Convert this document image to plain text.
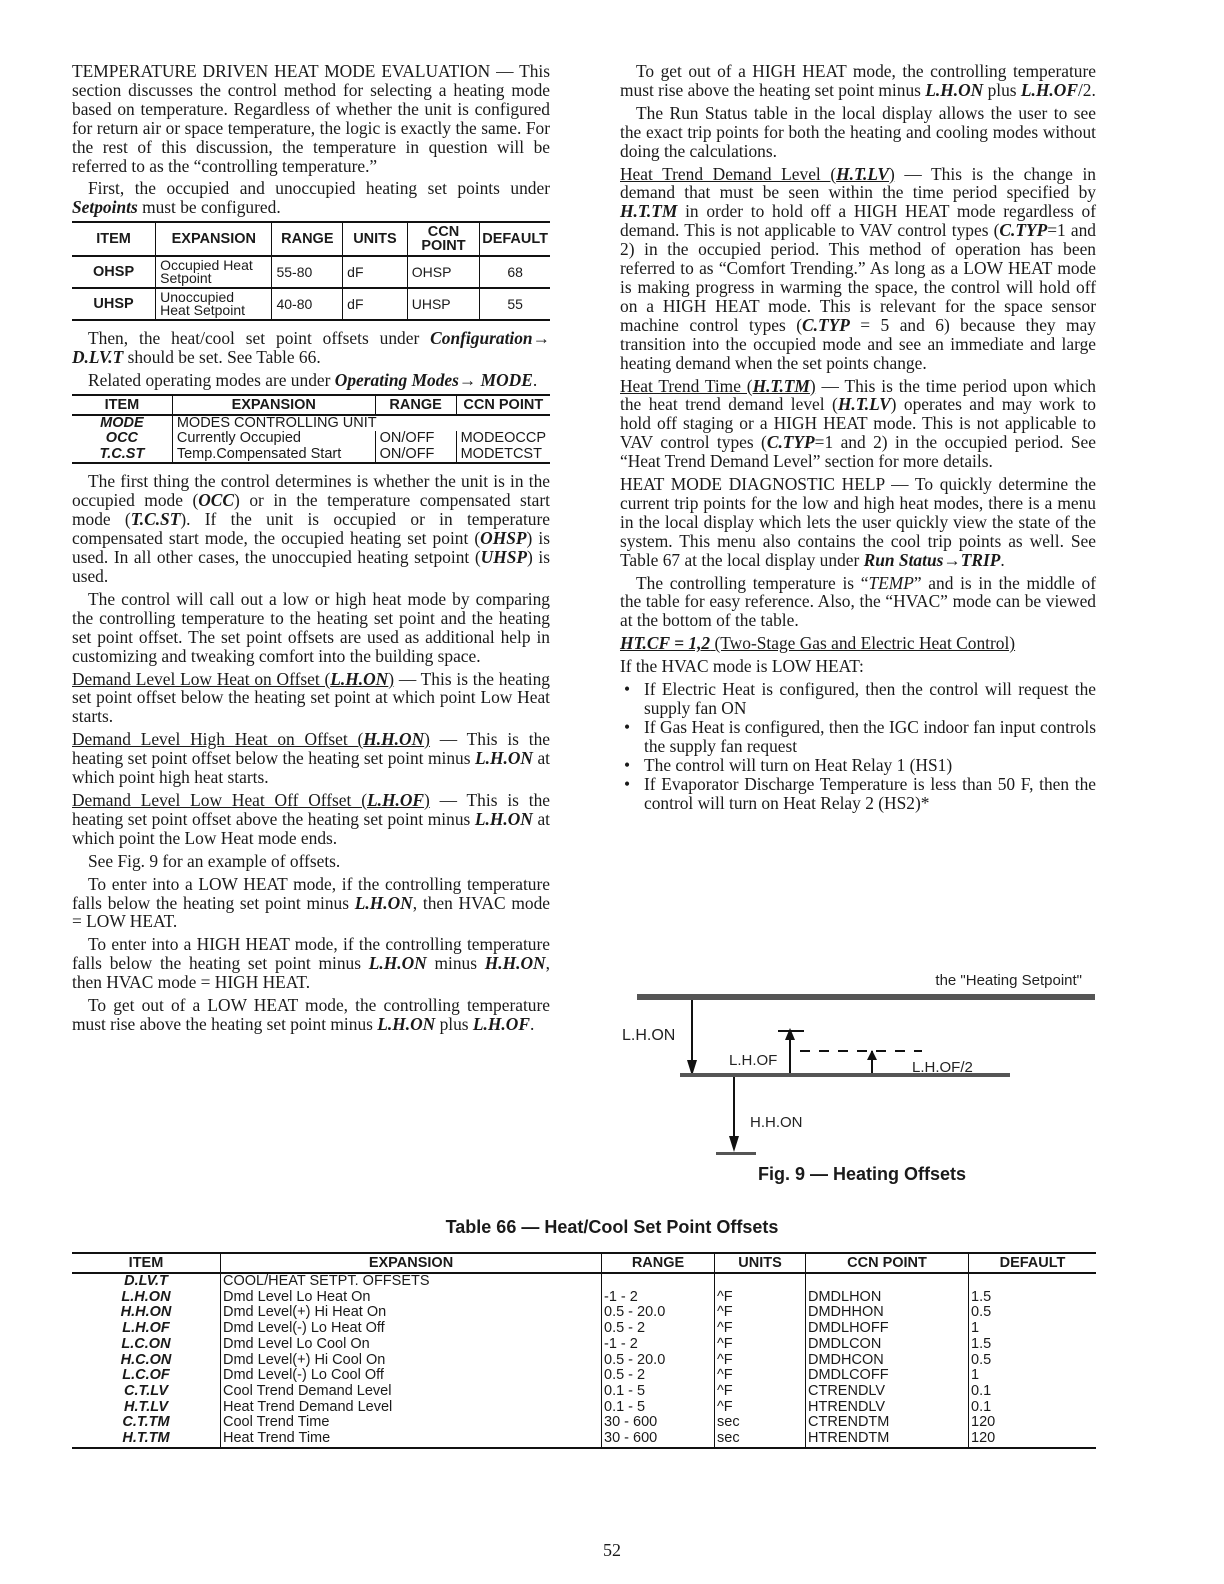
TEMPERATURE DRIVEN HEAT MODE EVALUATION — This section discusses the control method for selecting a heating mode based on temperature. Regardless of whether the unit is configured for return air or space temperature, the logic is exactly the same. For the rest of this discussion, the temperature in question will be referred to as the “controlling temperature.”

First, the occupied and unoccupied heating set points under Setpoints must be configured.

ITEM	EXPANSION	RANGE	UNITS	CCN POINT	DEFAULT
OHSP	Occupied Heat Setpoint	55-80	dF	OHSP	68
UHSP	Unoccupied Heat Setpoint	40-80	dF	UHSP	55

Then, the heat/cool set point offsets under Configuration→ D.LV.T should be set. See Table 66.

Related operating modes are under Operating Modes→ MODE.

ITEM	EXPANSION	RANGE	CCN POINT
MODE	MODES CONTROLLING UNIT		
OCC	Currently Occupied	ON/OFF	MODEOCCP
T.C.ST	Temp.Compensated Start	ON/OFF	MODETCST

The first thing the control determines is whether the unit is in the occupied mode (OCC) or in the temperature compensated start mode (T.C.ST). If the unit is occupied or in temperature compensated start mode, the occupied heating set point (OHSP) is used. In all other cases, the unoccupied heating setpoint (UHSP) is used.

The control will call out a low or high heat mode by comparing the controlling temperature to the heating set point and the heating set point offset. The set point offsets are used as additional help in customizing and tweaking comfort into the building space.

Demand Level Low Heat on Offset (L.H.ON) — This is the heating set point offset below the heating set point at which point Low Heat starts.

Demand Level High Heat on Offset (H.H.ON) — This is the heating set point offset below the heating set point minus L.H.ON at which point high heat starts.

Demand Level Low Heat Off Offset (L.H.OF) — This is the heating set point offset above the heating set point minus L.H.ON at which point the Low Heat mode ends.

See Fig. 9 for an example of offsets.

To enter into a LOW HEAT mode, if the controlling temperature falls below the heating set point minus L.H.ON, then HVAC mode = LOW HEAT.

To enter into a HIGH HEAT mode, if the controlling temperature falls below the heating set point minus L.H.ON minus H.H.ON, then HVAC mode = HIGH HEAT.

To get out of a LOW HEAT mode, the controlling temperature must rise above the heating set point minus L.H.ON plus L.H.OF.

To get out of a HIGH HEAT mode, the controlling temperature must rise above the heating set point minus L.H.ON plus L.H.OF/2.

The Run Status table in the local display allows the user to see the exact trip points for both the heating and cooling modes without doing the calculations.

Heat Trend Demand Level (H.T.LV) — This is the change in demand that must be seen within the time period specified by H.T.TM in order to hold off a HIGH HEAT mode regardless of demand. This is not applicable to VAV control types (C.TYP=1 and 2) in the occupied period. This method of operation has been referred to as “Comfort Trending.” As long as a LOW HEAT mode is making progress in warming the space, the control will hold off on a HIGH HEAT mode. This is relevant for the space sensor machine control types (C.TYP = 5 and 6) because they may transition into the occupied mode and see an immediate and large heating demand when the set points change.

Heat Trend Time (H.T.TM) — This is the time period upon which the heat trend demand level (H.T.LV) operates and may work to hold off staging or a HIGH HEAT mode. This is not applicable to VAV control types (C.TYP=1 and 2) in the occupied period. See “Heat Trend Demand Level” section for more details.

HEAT MODE DIAGNOSTIC HELP — To quickly determine the current trip points for the low and high heat modes, there is a menu in the local display which lets the user quickly view the state of the system. This menu also contains the cool trip points as well. See Table 67 at the local display under Run Status→TRIP.

The controlling temperature is “TEMP” and is in the middle of the table for easy reference. Also, the “HVAC” mode can be viewed at the bottom of the table.

HT.CF = 1,2 (Two-Stage Gas and Electric Heat Control)

If the HVAC mode is LOW HEAT:

• If Electric Heat is configured, then the control will request the supply fan ON
• If Gas Heat is configured, then the IGC indoor fan input controls the supply fan request
• The control will turn on Heat Relay 1 (HS1)
• If Evaporator Discharge Temperature is less than 50 F, then the control will turn on Heat Relay 2 (HS2)*
the "Heating Setpoint"
L.H.ON
L.H.OF	L.H.OF/2
H.H.ON
Fig. 9 — Heating Offsets
Table 66 — Heat/Cool Set Point Offsets
ITEM	EXPANSION	RANGE	UNITS	CCN POINT	DEFAULT
D.LV.T	COOL/HEAT SETPT. OFFSETS				
L.H.ON	Dmd Level Lo Heat On	-1 - 2	^F	DMDLHON	1.5
H.H.ON	Dmd Level(+) Hi Heat On	0.5 - 20.0	^F	DMDHHON	0.5
L.H.OF	Dmd Level(-) Lo Heat Off	0.5 - 2	^F	DMDLHOFF	1
L.C.ON	Dmd Level Lo Cool On	-1 - 2	^F	DMDLCON	1.5
H.C.ON	Dmd Level(+) Hi Cool On	0.5 - 20.0	^F	DMDHCON	0.5
L.C.OF	Dmd Level(-) Lo Cool Off	0.5 - 2	^F	DMDLCOFF	1
C.T.LV	Cool Trend Demand Level	0.1 - 5	^F	CTRENDLV	0.1
H.T.LV	Heat Trend Demand Level	0.1 - 5	^F	HTRENDLV	0.1
C.T.TM	Cool Trend Time	30 - 600	sec	CTRENDTM	120
H.T.TM	Heat Trend Time	30 - 600	sec	HTRENDTM	120
52
